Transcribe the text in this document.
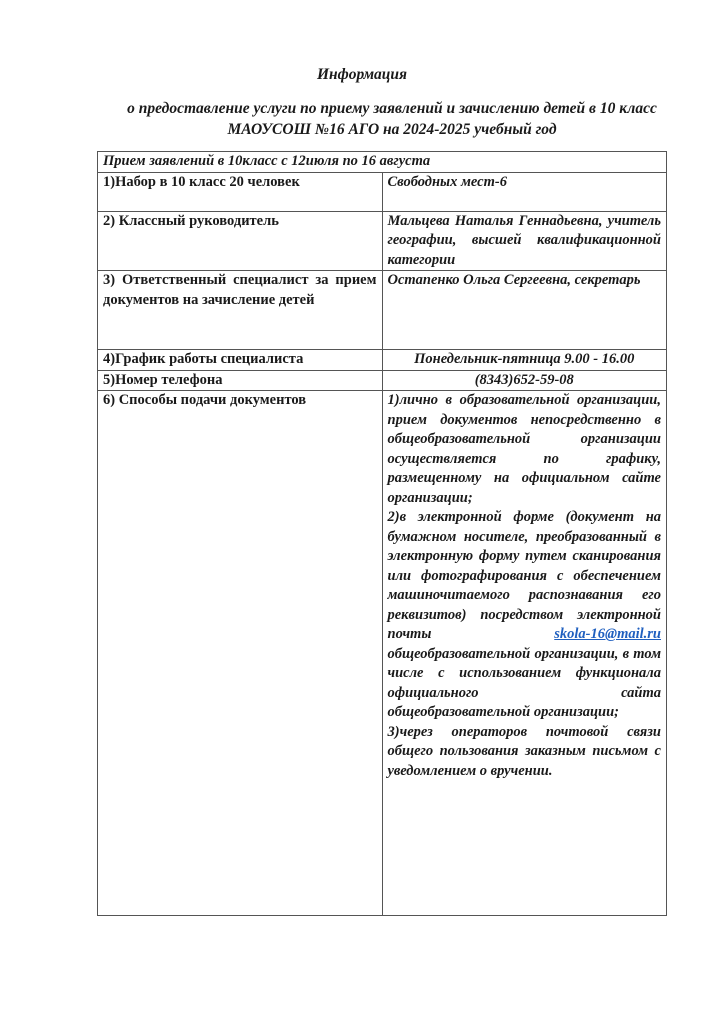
Информация
о предоставление услуги по приему заявлений и зачислению детей в 10 класс МАОУСОШ №16 АГО на 2024-2025 учебный год
Прием заявлений в 10класс с 12июля по 16 августа	
1)Набор в 10 класс 20 человек	Свободных мест-6
2) Классный руководитель	Мальцева Наталья Геннадьевна, учитель географии, высшей квалификационной категории
3) Ответственный специалист за прием документов на зачисление детей	Остапенко Ольга Сергеевна, секретарь
4)График работы специалиста	Понедельник-пятница 9.00 - 16.00
5)Номер телефона	(8343)652-59-08
6) Способы подачи документов	1)лично в образовательной организации, прием документов непосредственно в общеобразовательной организации осуществляется по графику, размещенному на официальном сайте организации;
2)в электронной форме (документ на бумажном носителе, преобразованный в электронную форму путем сканирования или фотографирования с обеспечением машиночитаемого распознавания его реквизитов) посредством электронной почты skola-16@mail.ru общеобразовательной организации, в том числе с использованием функционала официального сайта общеобразовательной организации;
3)через операторов почтовой связи общего пользования заказным письмом с уведомлением о вручении.
